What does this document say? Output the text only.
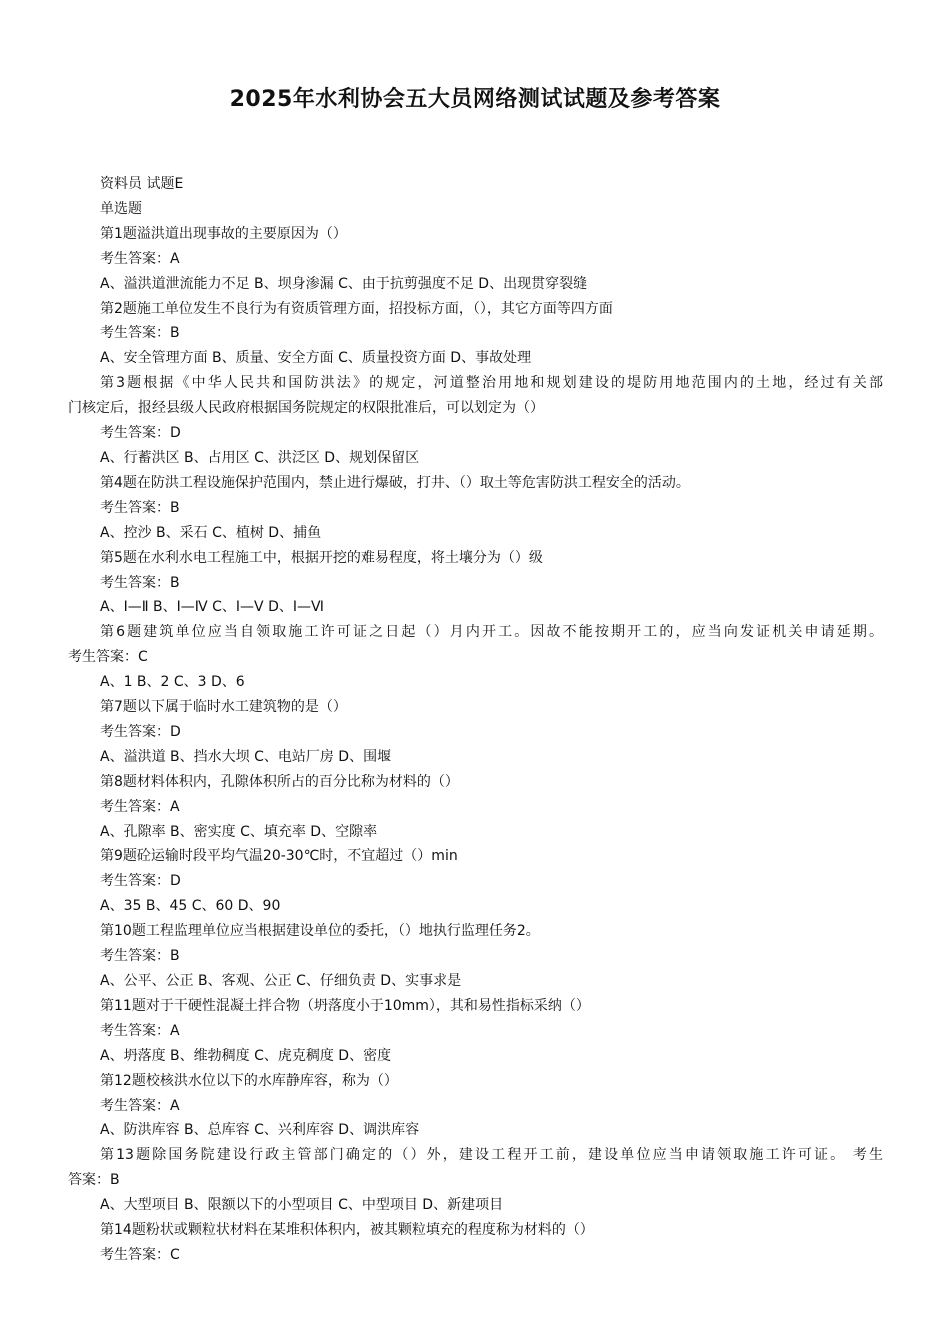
2025年水利协会五大员网络测试试题及参考答案
资料员 试题E
单选题
第1题溢洪道出现事故的主要原因为（）
考生答案：A
A、溢洪道泄流能力不足 B、坝身渗漏 C、由于抗剪强度不足 D、出现贯穿裂缝
第2题施工单位发生不良行为有资质管理方面，招投标方面，（），其它方面等四方面
考生答案：B
A、安全管理方面 B、质量、安全方面 C、质量投资方面 D、事故处理
第3题根据《中华人民共和国防洪法》的规定，河道整治用地和规划建设的堤防用地范围内的土地，经过有关部
门核定后，报经县级人民政府根据国务院规定的权限批准后，可以划定为（）
考生答案：D
A、行蓄洪区 B、占用区 C、洪泛区 D、规划保留区
第4题在防洪工程设施保护范围内，禁止进行爆破，打井、（）取土等危害防洪工程安全的活动。
考生答案：B
A、控沙 B、采石 C、植树 D、捕鱼
第5题在水利水电工程施工中，根据开挖的难易程度，将土壤分为（）级
考生答案：B
A、Ⅰ—Ⅱ B、Ⅰ—Ⅳ C、Ⅰ—Ⅴ D、Ⅰ—Ⅵ
第6题建筑单位应当自领取施工许可证之日起（）月内开工。因故不能按期开工的，应当向发证机关申请延期。
考生答案：C
A、1 B、2 C、3 D、6
第7题以下属于临时水工建筑物的是（）
考生答案：D
A、溢洪道 B、挡水大坝 C、电站厂房 D、围堰
第8题材料体积内，孔隙体积所占的百分比称为材料的（）
考生答案：A
A、孔隙率 B、密实度 C、填充率 D、空隙率
第9题砼运输时段平均气温20-30℃时，不宜超过（）min
考生答案：D
A、35 B、45 C、60 D、90
第10题工程监理单位应当根据建设单位的委托，（）地执行监理任务2。
考生答案：B
A、公平、公正 B、客观、公正 C、仔细负责 D、实事求是
第11题对于干硬性混凝土拌合物（坍落度小于10mm），其和易性指标采纳（）
考生答案：A
A、坍落度 B、维勃稠度 C、虎克稠度 D、密度
第12题校核洪水位以下的水库静库容，称为（）
考生答案：A
A、防洪库容 B、总库容 C、兴利库容 D、调洪库容
第13题除国务院建设行政主管部门确定的（）外，建设工程开工前，建设单位应当申请领取施工许可证。 考生
答案：B
A、大型项目 B、限额以下的小型项目 C、中型项目 D、新建项目
第14题粉状或颗粒状材料在某堆积体积内，被其颗粒填充的程度称为材料的（）
考生答案：C
